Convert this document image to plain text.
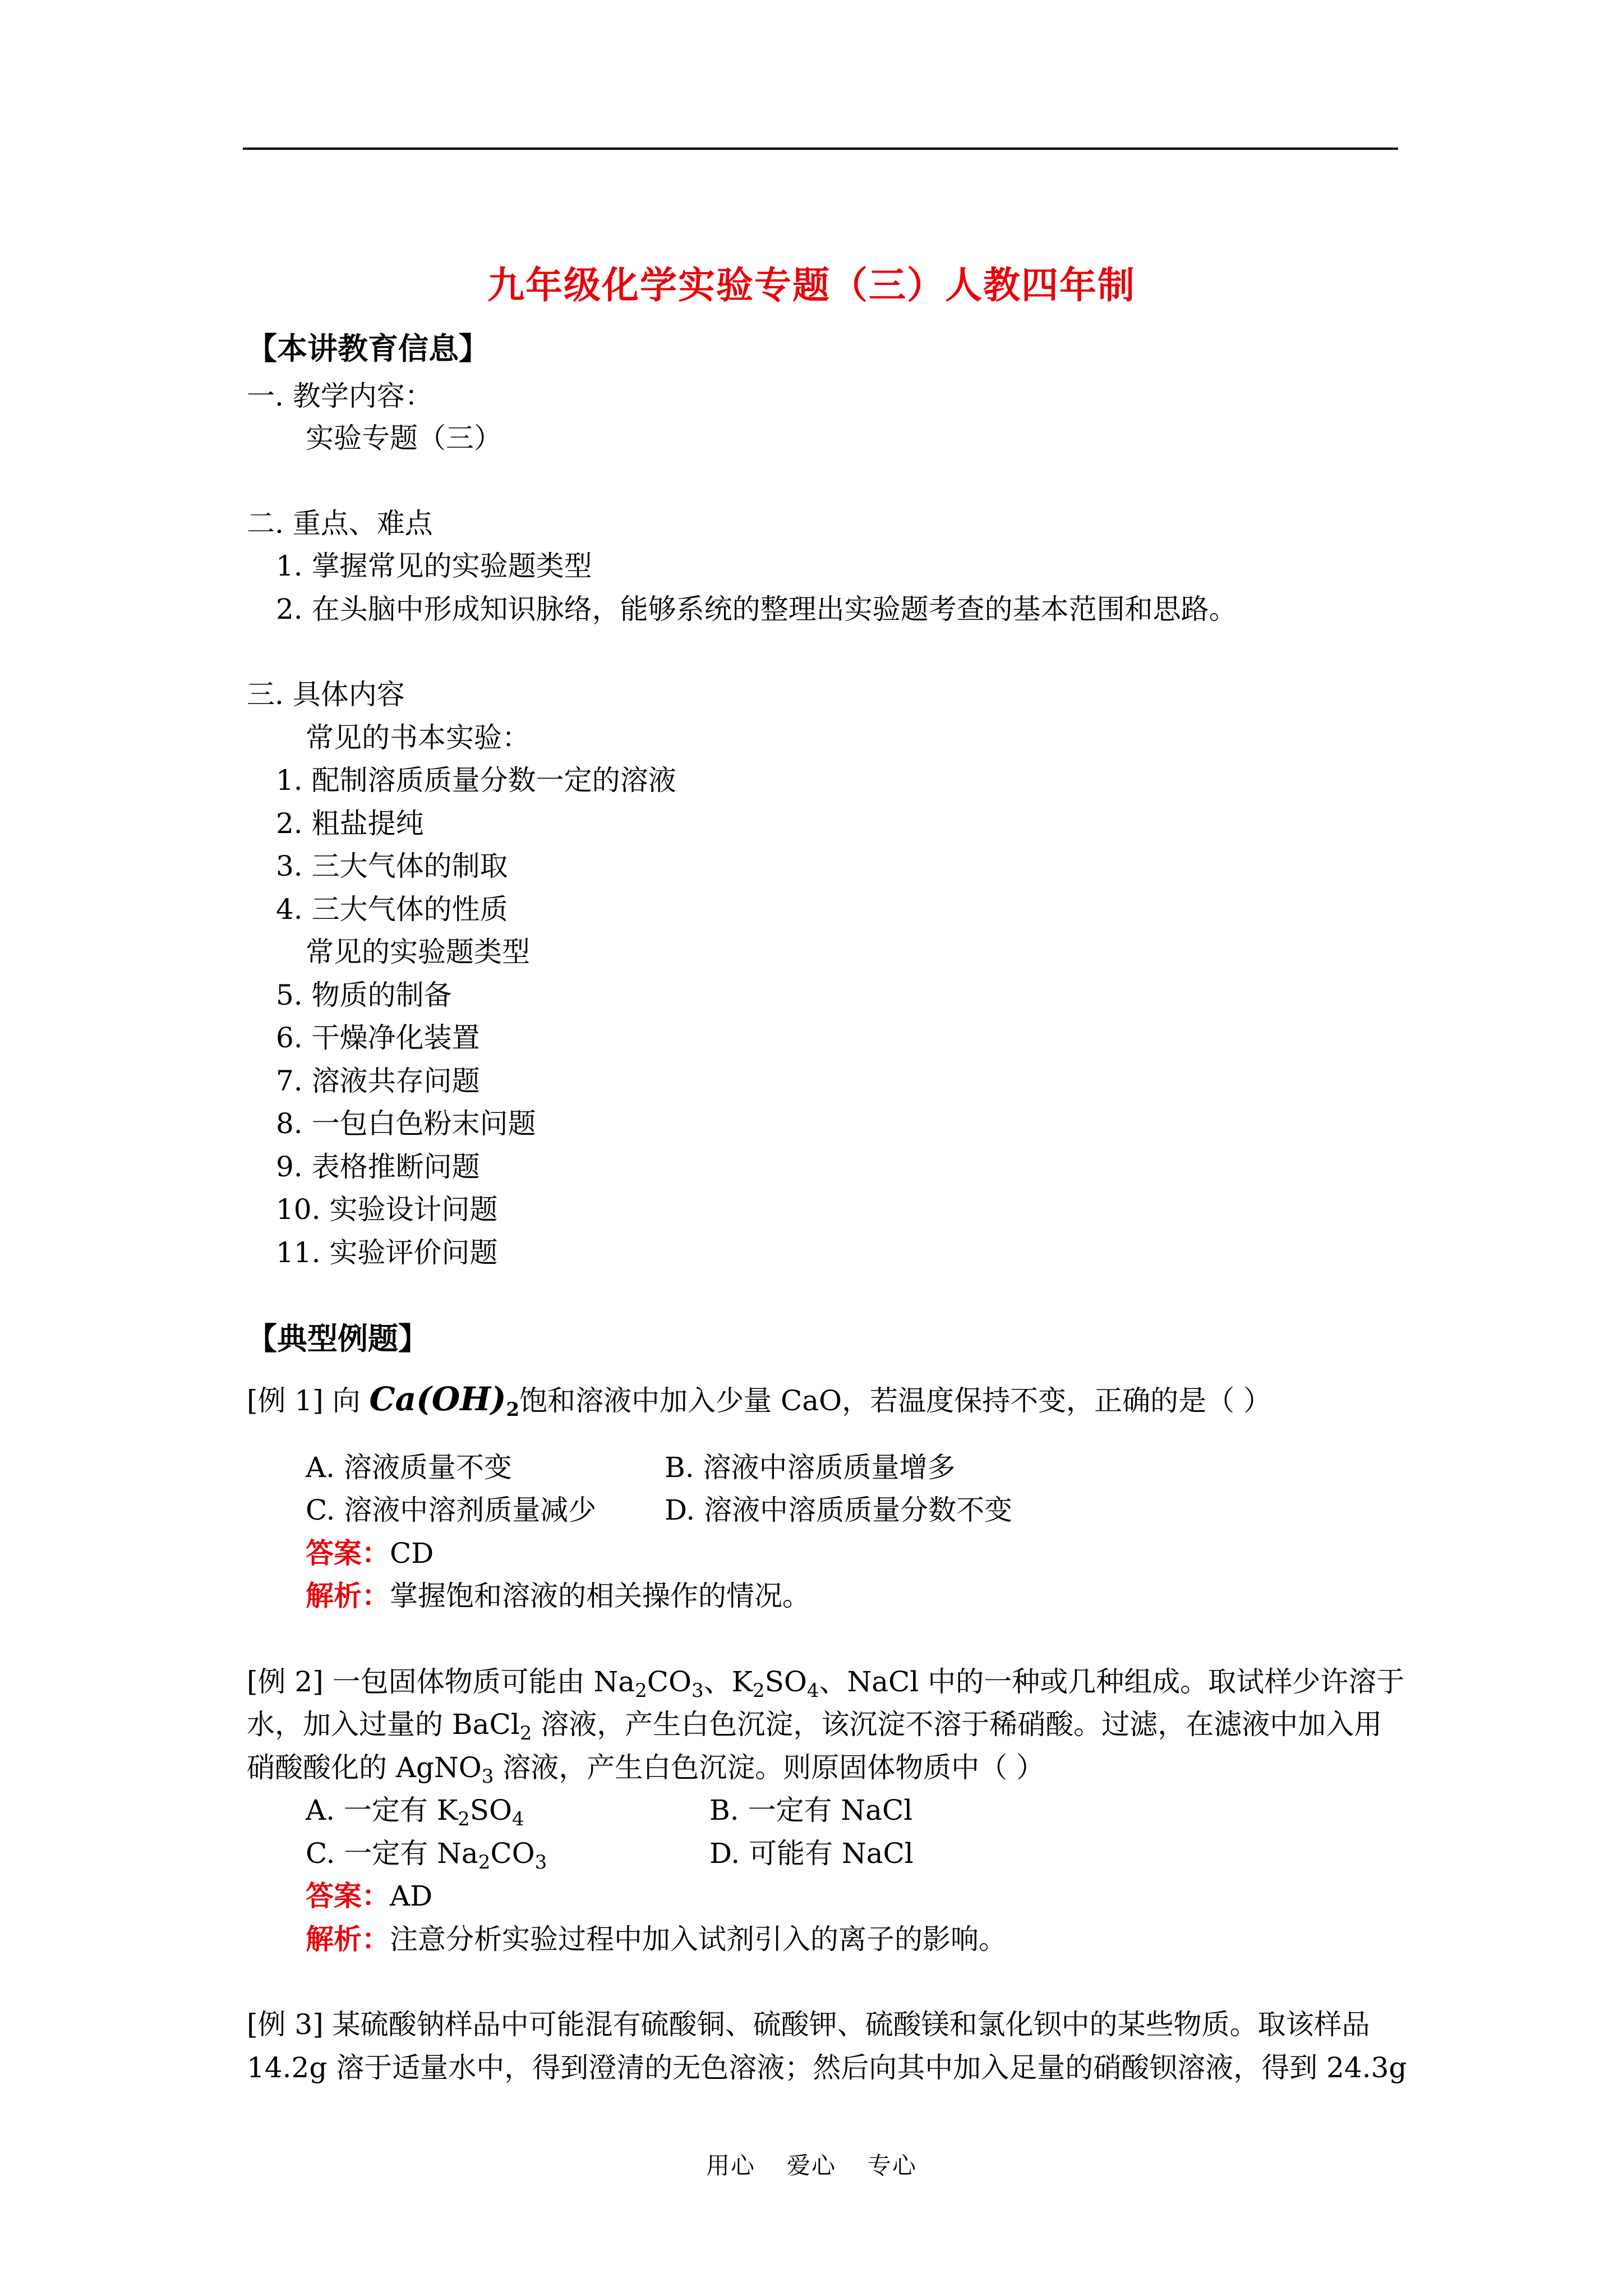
九年级化学实验专题（三）人教四年制
【本讲教育信息】
一. 教学内容：
实验专题（三）
二. 重点、难点
1. 掌握常见的实验题类型
2. 在头脑中形成知识脉络，能够系统的整理出实验题考查的基本范围和思路。
三. 具体内容
常见的书本实验：
1. 配制溶质质量分数一定的溶液
2. 粗盐提纯
3. 三大气体的制取
4. 三大气体的性质
常见的实验题类型
5. 物质的制备
6. 干燥净化装置
7. 溶液共存问题
8. 一包白色粉末问题
9. 表格推断问题
10. 实验设计问题
11. 实验评价问题
【典型例题】
[例 1] 向 $Ca(OH)_2$饱和溶液中加入少量 CaO，若温度保持不变，正确的是（ ）
A. 溶液质量不变	B. 溶液中溶质质量增多
C. 溶液中溶剂质量减少 D. 溶液中溶质质量分数不变
答案：CD
解析：掌握饱和溶液的相关操作的情况。
[例 2] 一包固体物质可能由 $Na_2CO_3$、$K_2SO_4$、NaCl 中的一种或几种组成。取试样少许溶于
水，加入过量的 BaCl$_2$ 溶液，产生白色沉淀，该沉淀不溶于稀硝酸。过滤，在滤液中加入用
硝酸酸化的 AgNO$_3$ 溶液，产生白色沉淀。则原固体物质中（ ）
A. 一定有 $K_2SO_4$	B. 一定有 NaCl
C. 一定有 $Na_2CO_3$	D. 可能有 NaCl
答案：AD
解析：注意分析实验过程中加入试剂引入的离子的影响。
[例 3] 某硫酸钠样品中可能混有硫酸铜、硫酸钾、硫酸镁和氯化钡中的某些物质。取该样品
14.2g 溶于适量水中，得到澄清的无色溶液；然后向其中加入足量的硝酸钡溶液，得到 24.3g
用心 爱心 专心
